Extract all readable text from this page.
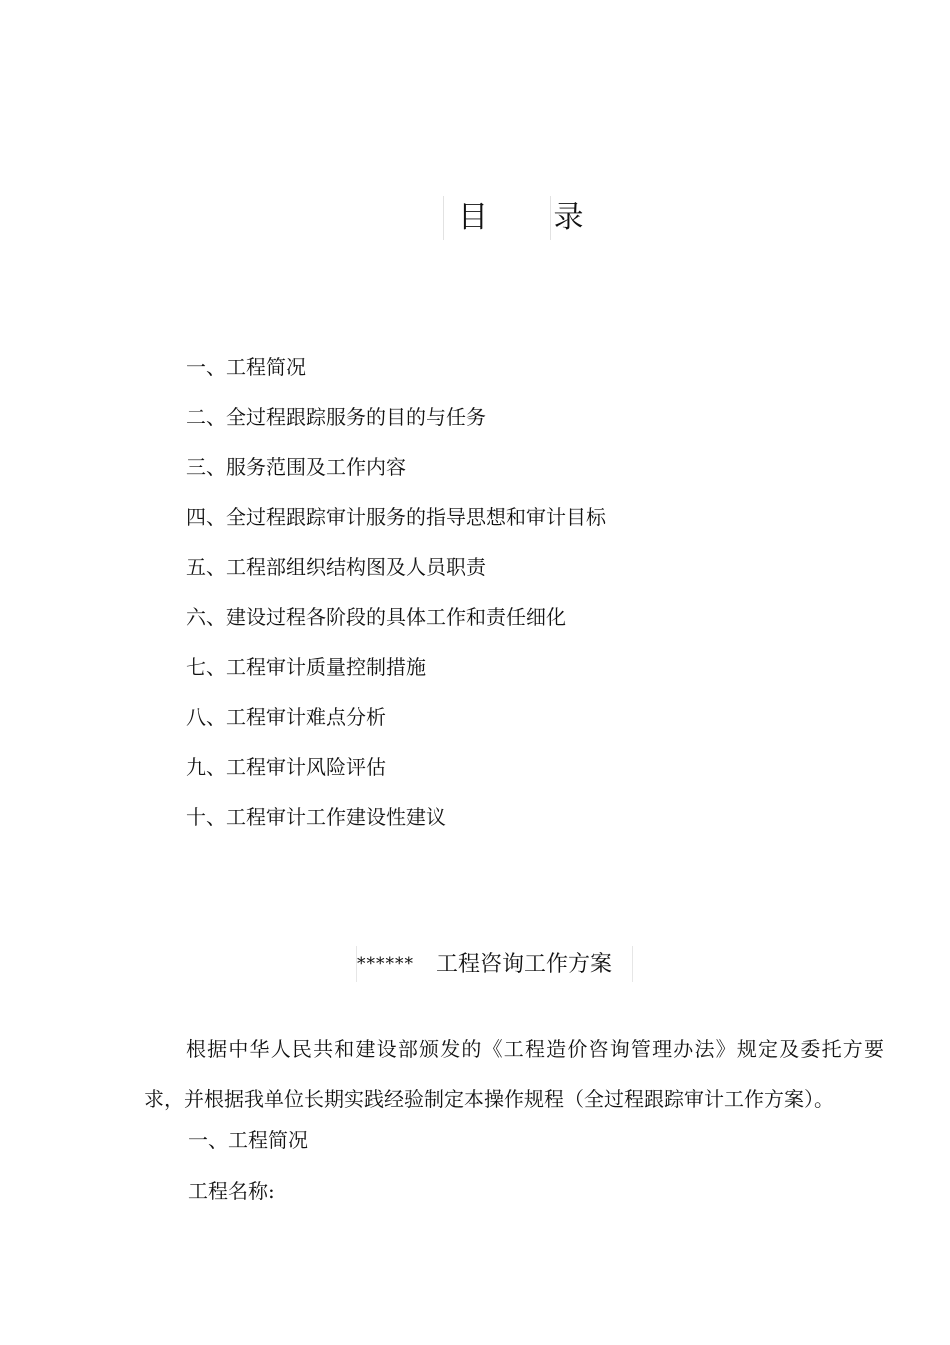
目 录
一、工程简况
二、全过程跟踪服务的目的与任务
三、服务范围及工作内容
四、全过程跟踪审计服务的指导思想和审计目标
五、工程部组织结构图及人员职责
六、建设过程各阶段的具体工作和责任细化
七、工程审计质量控制措施
八、工程审计难点分析
九、工程审计风险评估
十、工程审计工作建设性建议
****** 工程咨询工作方案

根据中华人民共和建设部颁发的《工程造价咨询管理办法》规定及委托方要求，并根据我单位长期实践经验制定本操作规程（全过程跟踪审计工作方案）。

一、工程简况
工程名称:
